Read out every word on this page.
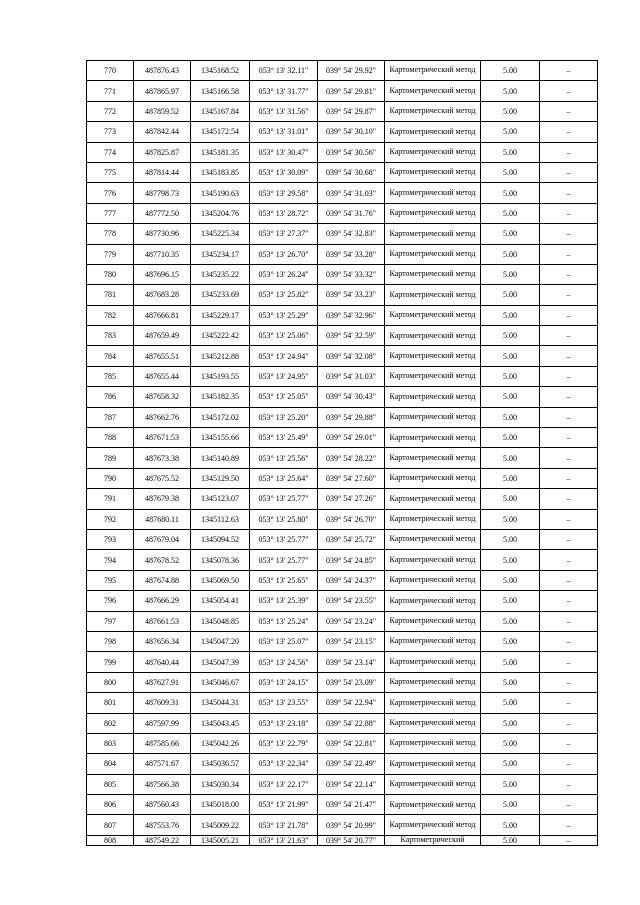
770	487876.43	1345168.52	053° 13' 32.11"	039° 54' 29.92"	Картометрический метод	5.00	–
771	487865.97	1345166.58	053° 13' 31.77"	039° 54' 29.81"	Картометрический метод	5.00	–
772	487859.52	1345167.84	053° 13' 31.56"	039° 54' 29.87"	Картометрический метод	5.00	–
773	487842.44	1345172.54	053° 13' 31.01"	039° 54' 30.10"	Картометрический метод	5.00	–
774	487825.87	1345181.35	053° 13' 30.47"	039° 54' 30.56"	Картометрический метод	5.00	–
775	487814.44	1345183.85	053° 13' 30.09"	039° 54' 30.68"	Картометрический метод	5.00	–
776	487798.73	1345190.63	053° 13' 29.58"	039° 54' 31.03"	Картометрический метод	5.00	–
777	487772.50	1345204.76	053° 13' 28.72"	039° 54' 31.76"	Картометрический метод	5.00	–
778	487730.96	1345225.34	053° 13' 27.37"	039° 54' 32.83"	Картометрический метод	5.00	–
779	487710.35	1345234.17	053° 13' 26.70"	039° 54' 33.28"	Картометрический метод	5.00	–
780	487696.15	1345235.22	053° 13' 26.24"	039° 54' 33.32"	Картометрический метод	5.00	–
781	487683.28	1345233.69	053° 13' 25.82"	039° 54' 33.23"	Картометрический метод	5.00	–
782	487666.81	1345229.17	053° 13' 25.29"	039° 54' 32.96"	Картометрический метод	5.00	–
783	487659.49	1345222.42	053° 13' 25.06"	039° 54' 32.59"	Картометрический метод	5.00	–
784	487655.51	1345212.88	053° 13' 24.94"	039° 54' 32.08"	Картометрический метод	5.00	–
785	487655.44	1345193.55	053° 13' 24.95"	039° 54' 31.03"	Картометрический метод	5.00	–
786	487658.32	1345182.35	053° 13' 25.05"	039° 54' 30.43"	Картометрический метод	5.00	–
787	487662.76	1345172.02	053° 13' 25.20"	039° 54' 29.88"	Картометрический метод	5.00	–
788	487671.53	1345155.66	053° 13' 25.49"	039° 54' 29.01"	Картометрический метод	5.00	–
789	487673.38	1345140.89	053° 13' 25.56"	039° 54' 28.22"	Картометрический метод	5.00	–
790	487675.52	1345129.50	053° 13' 25.64"	039° 54' 27.60"	Картометрический метод	5.00	–
791	487679.38	1345123.07	053° 13' 25.77"	039° 54' 27.26"	Картометрический метод	5.00	–
792	487680.11	1345112.63	053° 13' 25.80"	039° 54' 26.70"	Картометрический метод	5.00	–
793	487679.04	1345094.52	053° 13' 25.77"	039° 54' 25.72"	Картометрический метод	5.00	–
794	487678.52	1345078.36	053° 13' 25.77"	039° 54' 24.85"	Картометрический метод	5.00	–
795	487674.88	1345069.50	053° 13' 25.65"	039° 54' 24.37"	Картометрический метод	5.00	–
796	487666.29	1345054.41	053° 13' 25.39"	039° 54' 23.55"	Картометрический метод	5.00	–
797	487661.53	1345048.85	053° 13' 25.24"	039° 54' 23.24"	Картометрический метод	5.00	–
798	487656.34	1345047.20	053° 13' 25.07"	039° 54' 23.15"	Картометрический метод	5.00	–
799	487640.44	1345047.39	053° 13' 24.56"	039° 54' 23.14"	Картометрический метод	5.00	–
800	487627.91	1345046.67	053° 13' 24.15"	039° 54' 23.09"	Картометрический метод	5.00	–
801	487609.31	1345044.31	053° 13' 23.55"	039° 54' 22.94"	Картометрический метод	5.00	–
802	487597.99	1345043.45	053° 13' 23.18"	039° 54' 22.88"	Картометрический метод	5.00	–
803	487585.66	1345042.26	053° 13' 22.79"	039° 54' 22.81"	Картометрический метод	5.00	–
804	487571.67	1345036.57	053° 13' 22.34"	039° 54' 22.49"	Картометрический метод	5.00	–
805	487566.38	1345030.34	053° 13' 22.17"	039° 54' 22.14"	Картометрический метод	5.00	–
806	487560.43	1345018.00	053° 13' 21.99"	039° 54' 21.47"	Картометрический метод	5.00	–
807	487553.76	1345009.22	053° 13' 21.78"	039° 54' 20.99"	Картометрический метод	5.00	–
808	487549.22	1345005.21	053° 13' 21.63"	039° 54' 20.77"	Картометрический	5.00	–
